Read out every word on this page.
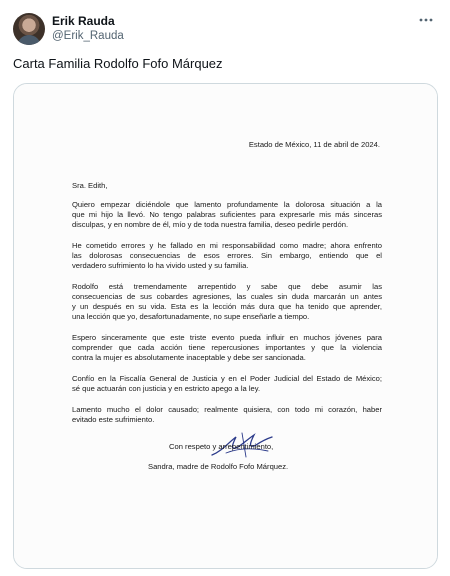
Erik Rauda
@Erik_Rauda
Carta Familia Rodolfo Fofo Márquez
Estado de México, 11 de abril de 2024.
Sra. Edith,
Quiero empezar diciéndole que lamento profundamente la dolorosa situación a la
que mi hijo la llevó. No tengo palabras suficientes para expresarle mis más sinceras
disculpas, y en nombre de él, mío y de toda nuestra familia, deseo pedirle perdón.
He cometido errores y he fallado en mi responsabilidad como madre; ahora enfrento
las dolorosas consecuencias de esos errores. Sin embargo, entiendo que el
verdadero sufrimiento lo ha vivido usted y su familia.
Rodolfo está tremendamente arrepentido y sabe que debe asumir las
consecuencias de sus cobardes agresiones, las cuales sin duda marcarán un antes
y un después en su vida. Esta es la lección más dura que ha tenido que aprender,
una lección que yo, desafortunadamente, no supe enseñarle a tiempo.
Espero sinceramente que este triste evento pueda influir en muchos jóvenes para
comprender que cada acción tiene repercusiones importantes y que la violencia
contra la mujer es absolutamente inaceptable y debe ser sancionada.
Confío en la Fiscalía General de Justicia y en el Poder Judicial del Estado de México;
sé que actuarán con justicia y en estricto apego a la ley.
Lamento mucho el dolor causado; realmente quisiera, con todo mi corazón, haber
evitado este sufrimiento.
Con respeto y arrepentimiento,
Sandra, madre de Rodolfo Fofo Márquez.
